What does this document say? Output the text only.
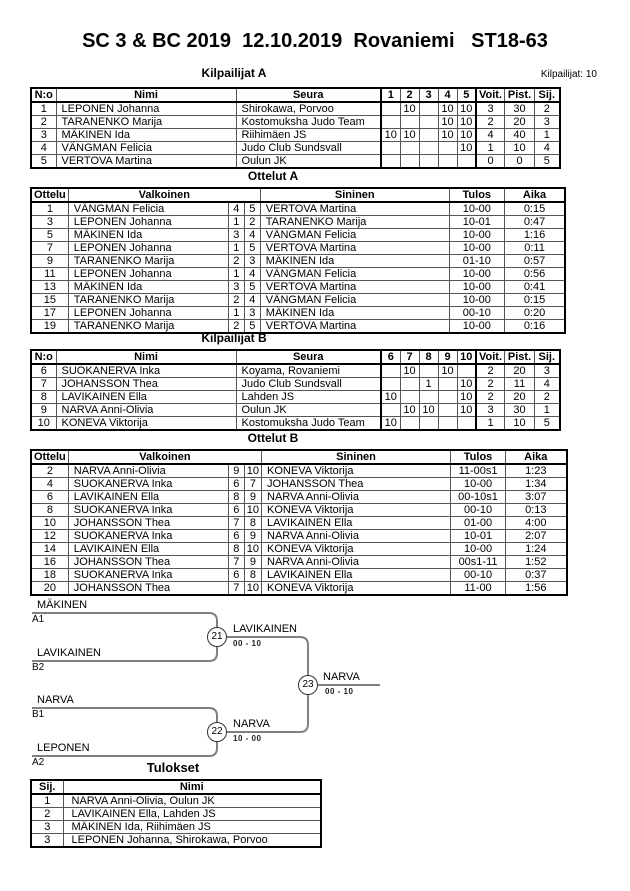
SC 3 & BC 2019  12.10.2019  Rovaniemi   ST18-63
Kilpailijat: 10
Kilpailijat A
N:o	Nimi	Seura	1	2	3	4	5	Voit.	Pist.	Sij.
1	LEPONEN Johanna	Shirokawa, Porvoo		10		10	10	3	30	2
2	TARANENKO Marija	Kostomuksha Judo Team				10	10	2	20	3
3	MÄKINEN Ida	Riihimäen JS	10	10		10	10	4	40	1
4	VÄNGMAN Felicia	Judo Club Sundsvall					10	1	10	4
5	VERTOVA Martina	Oulun JK						0	0	5
Ottelut A
Ottelu	Valkoinen			Sininen	Tulos	Aika
1	VÄNGMAN Felicia	4	5	VERTOVA Martina	10-00	0:15
3	LEPONEN Johanna	1	2	TARANENKO Marija	10-01	0:47
5	MÄKINEN Ida	3	4	VÄNGMAN Felicia	10-00	1:16
7	LEPONEN Johanna	1	5	VERTOVA Martina	10-00	0:11
9	TARANENKO Marija	2	3	MÄKINEN Ida	01-10	0:57
11	LEPONEN Johanna	1	4	VÄNGMAN Felicia	10-00	0:56
13	MÄKINEN Ida	3	5	VERTOVA Martina	10-00	0:41
15	TARANENKO Marija	2	4	VÄNGMAN Felicia	10-00	0:15
17	LEPONEN Johanna	1	3	MÄKINEN Ida	00-10	0:20
19	TARANENKO Marija	2	5	VERTOVA Martina	10-00	0:16
Kilpailijat B
N:o	Nimi	Seura	6	7	8	9	10	Voit.	Pist.	Sij.
6	SUOKANERVA Inka	Koyama, Rovaniemi		10		10		2	20	3
7	JOHANSSON Thea	Judo Club Sundsvall			1		10	2	11	4
8	LAVIKAINEN Ella	Lahden JS	10				10	2	20	2
9	NARVA Anni-Olivia	Oulun JK		10	10		10	3	30	1
10	KONEVA Viktorija	Kostomuksha Judo Team	10					1	10	5
Ottelut B
Ottelu	Valkoinen			Sininen	Tulos	Aika
2	NARVA Anni-Olivia	9	10	KONEVA Viktorija	11-00s1	1:23
4	SUOKANERVA Inka	6	7	JOHANSSON Thea	10-00	1:34
6	LAVIKAINEN Ella	8	9	NARVA Anni-Olivia	00-10s1	3:07
8	SUOKANERVA Inka	6	10	KONEVA Viktorija	00-10	0:13
10	JOHANSSON Thea	7	8	LAVIKAINEN Ella	01-00	4:00
12	SUOKANERVA Inka	6	9	NARVA Anni-Olivia	10-01	2:07
14	LAVIKAINEN Ella	8	10	KONEVA Viktorija	10-00	1:24
16	JOHANSSON Thea	7	9	NARVA Anni-Olivia	00s1-11	1:52
18	SUOKANERVA Inka	6	8	LAVIKAINEN Ella	00-10	0:37
20	JOHANSSON Thea	7	10	KONEVA Viktorija	11-00	1:56
MÄKINEN
A1
LAVIKAINEN
B2
NARVA
B1
LEPONEN
A2
21
LAVIKAINEN
00 - 10
22
NARVA
10 - 00
23
NARVA
00 - 10
Tulokset
Sij.	Nimi
1	NARVA Anni-Olivia, Oulun JK
2	LAVIKAINEN Ella, Lahden JS
3	MÄKINEN Ida, Riihimäen JS
3	LEPONEN Johanna, Shirokawa, Porvoo
